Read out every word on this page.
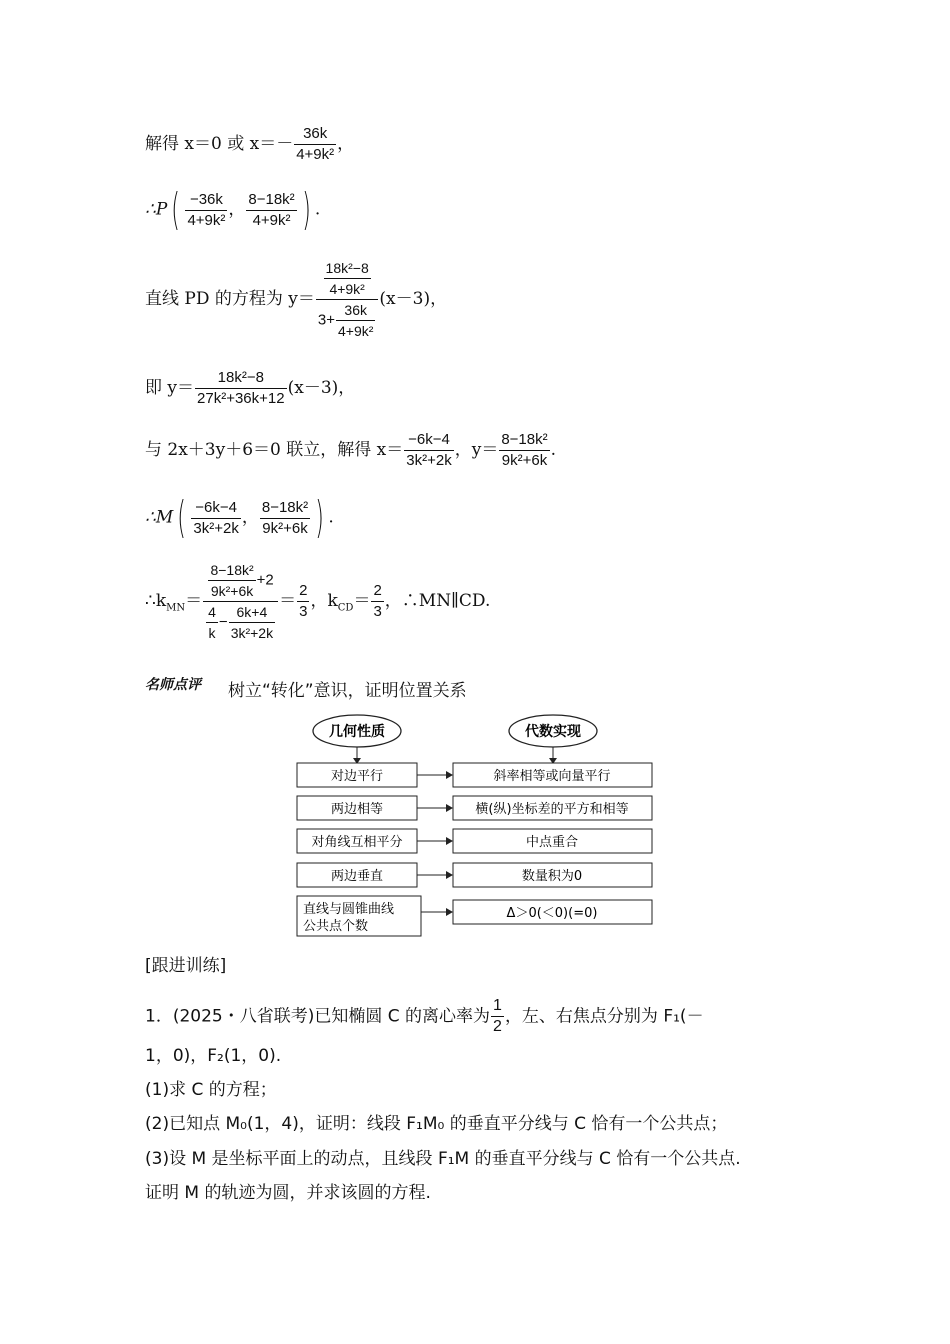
解得 x＝0 或 $x=- \frac{36k}{\text{4+9k²}}$ ，
∴P( $\frac{-36k}{\text{4+9k²}}$ ， $\frac{\text{8−18k²}}{\text{4+9k²}}$ ) .
直线 PD 的方程为 $y= \frac{\frac{\text{18k²−8}}{\text{4+9k²}}}{3+ \frac{36k}{\text{4+9k²}}} (x-3)$，
即 $y= \frac{\text{18k²−8}}{\text{27k²+36k+12}} (x-3)$，
与 2x＋3y＋6＝0 联立，解得 $x= \frac{-6k-4}{\text{3k²+2k}}$ ，$y= \frac{\text{8−18k²}}{\text{9k²+6k}}$ .
∴M( $\frac{-6k-4}{\text{3k²+2k}}$ ， $\frac{\text{8−18k²}}{\text{9k²+6k}}$ ) .
$\therefore k_{MN}= \frac{\frac{\text{8−18k²}}{\text{9k²+6k}} +2}{\frac{4}{k} - \frac{6k+4}{\text{3k²+2k}}} = \frac{2}{3}$ ，$k_{CD}= \frac{2}{3}$ ，∴MN∥CD.
名师点评 树立“转化”意识，证明位置关系
几何性质	代数实现
对边平行
两边相等
对角线互相平分
两边垂直
直线与圆锥曲线
公共点个数
斜率相等或向量平行
横(纵)坐标差的平方和相等
中点重合
数量积为0
Δ＞0(＜0)(=0)
[跟进训练]
1．(2025・八省联考)已知椭圆 C 的离心率为 $\frac{1}{2}$ ，左、右焦点分别为 F₁(－
1，0)，F₂(1，0).
(1)求 C 的方程；
(2)已知点 M₀(1，4)，证明：线段 F₁M₀ 的垂直平分线与 C 恰有一个公共点；
(3)设 M 是坐标平面上的动点，且线段 F₁M 的垂直平分线与 C 恰有一个公共点.
证明 M 的轨迹为圆，并求该圆的方程.
